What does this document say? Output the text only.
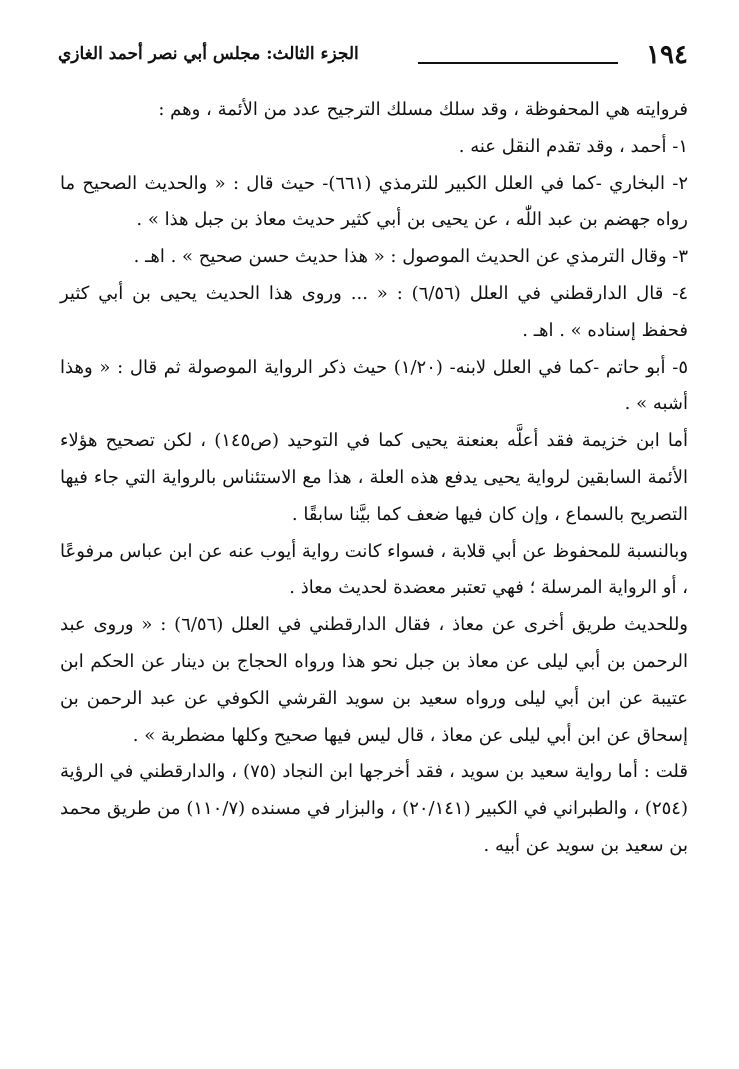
١٩٤
الجزء الثالث: مجلس أبي نصر أحمد الغازي

فروايته هي المحفوظة ، وقد سلك مسلك الترجيح عدد من الأئمة ، وهم :

١- أحمد ، وقد تقدم النقل عنه .

٢- البخاري -كما في العلل الكبير للترمذي (٦٦١)- حيث قال : « والحديث الصحيح ما رواه جهضم بن عبد اللّٰه ، عن يحيى بن أبي كثير حديث معاذ بن جبل هذا » .

٣- وقال الترمذي عن الحديث الموصول : « هذا حديث حسن صحيح » . اهـ .

٤- قال الدارقطني في العلل (٦/٥٦) : « ... وروى هذا الحديث يحيى بن أبي كثير فحفظ إسناده » . اهـ .

٥- أبو حاتم -كما في العلل لابنه- (١/٢٠) حيث ذكر الرواية الموصولة ثم قال : « وهذا أشبه » .

أما ابن خزيمة فقد أعلَّه بعنعنة يحيى كما في التوحيد (ص١٤٥) ، لكن تصحيح هؤلاء الأئمة السابقين لرواية يحيى يدفع هذه العلة ، هذا مع الاستئناس بالرواية التي جاء فيها التصريح بالسماع ، وإن كان فيها ضعف كما بيَّنا سابقًا .

وبالنسبة للمحفوظ عن أبي قلابة ، فسواء كانت رواية أيوب عنه عن ابن عباس مرفوعًا ، أو الرواية المرسلة ؛ فهي تعتبر معضدة لحديث معاذ .

وللحديث طريق أخرى عن معاذ ، فقال الدارقطني في العلل (٦/٥٦) : « وروى عبد الرحمن بن أبي ليلى عن معاذ بن جبل نحو هذا ورواه الحجاج بن دينار عن الحكم ابن عتيبة عن ابن أبي ليلى ورواه سعيد بن سويد القرشي الكوفي عن عبد الرحمن بن إسحاق عن ابن أبي ليلى عن معاذ ، قال ليس فيها صحيح وكلها مضطربة » .

قلت : أما رواية سعيد بن سويد ، فقد أخرجها ابن النجاد (٧٥) ، والدارقطني في الرؤية (٢٥٤) ، والطبراني في الكبير (٢٠/١٤١) ، والبزار في مسنده (١١٠/٧) من طريق محمد بن سعيد بن سويد عن أبيه .
